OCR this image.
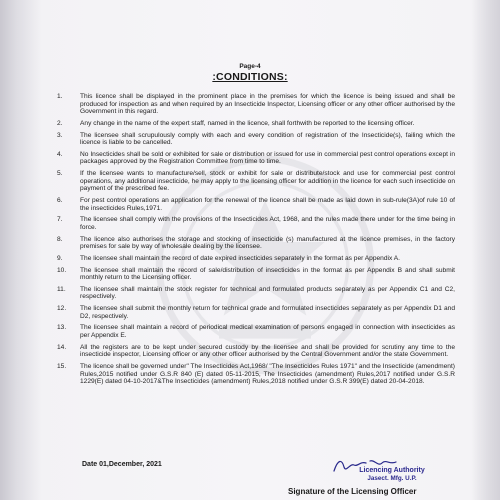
Page-4
:CONDITIONS:
1.	This licence shall be displayed in the prominent place in the premises for which the licence is being issued and shall be produced for inspection as and when required by an Insecticide Inspector, Licensing officer or any other officer authorised by the Government in this regard.
2.	Any change in the name of the expert staff, named in the licence, shall forthwith be reported to the licensing officer.
3.	The licensee shall scrupulously comply with each and every condition of registration of the Insecticide(s), failing which the licence is liable to be cancelled.
4.	No Insecticides shall be sold or exhibited for sale or distribution or issued for use in commercial pest control operations except in packages approved by the Registration Committee from time to time.
5.	If the licensee wants to manufacture/sell, stock or exhibit for sale or distribute/stock and use for commercial pest control operations, any additional insecticide, he may apply to the licensing officer for addition in the licence for each such insecticide on payment of the prescribed fee.
6.	For pest control operations an application for the renewal of the licence shall be made as laid down in sub-rule(3A)of rule 10 of the insecticides Rules,1971.
7.	The licensee shall comply with the provisions of the Insecticides Act, 1968, and the rules made there under for the time being in force.
8.	The licence also authorises the storage and stocking of insecticide (s) manufactured at the licence premises, in the factory premises for sale by way of wholesale dealing by the licensee.
9.	The licensee shall maintain the record of date expired insecticides separately in the format as per Appendix A.
10. The licensee shall maintain the record of sale/distribution of insecticides in the format as per Appendix B and shall submit monthly return to the Licensing officer.
11. The licensee shall maintain the stock register for technical and formulated products separately as per Appendix C1 and C2, respectively.
12. The licensee shall submit the monthly return for technical grade and formulated insecticides separately as per Appendix D1 and D2, respectively.
13. The licensee shall maintain a record of periodical medical examination of persons engaged in connection with insecticides as per Appendix E.
14. All the registers are to be kept under secured custody by the licensee and shall be provided for scrutiny any time to the insecticide inspector, Licensing officer or any other officer authorised by the Central Government and/or the state Government.
15. The licence shall be governed under" The Insecticides Act,1968/ "The Insecticides Rules 1971" and the Insecticide (amendment) Rules,2015 notified under G.S.R 840 (E) dated 05-11-2015, The Insecticides (amendment) Rules,2017 notified under G.S.R 1229(E) dated 04-10-2017&The Insecticides (amendment) Rules,2018 notified under G.S.R 399(E) dated 20-04-2018.
Date 01,December, 2021
Licencing Authority
Jasect. Mfg. U.P.
Signature of the Licensing Officer
